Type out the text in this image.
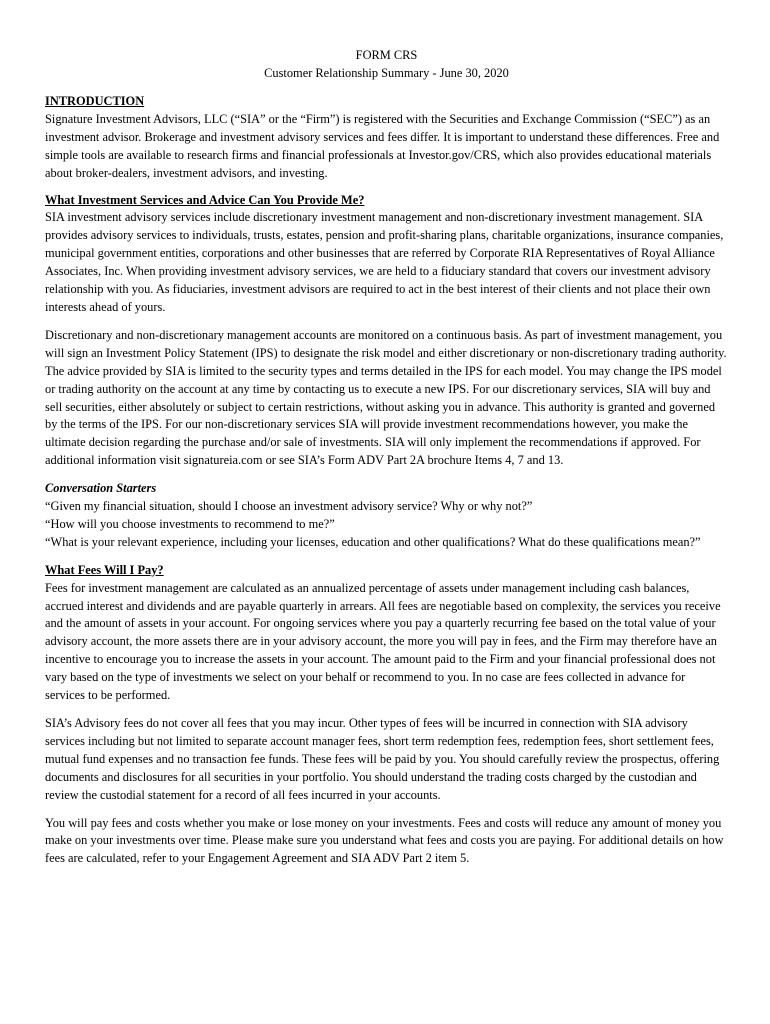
FORM CRS
Customer Relationship Summary - June 30, 2020
INTRODUCTION

Signature Investment Advisors, LLC (“SIA” or the “Firm”) is registered with the Securities and Exchange Commission (“SEC”) as an investment advisor. Brokerage and investment advisory services and fees differ. It is important to understand these differences. Free and simple tools are available to research firms and financial professionals at Investor.gov/CRS, which also provides educational materials about broker-dealers, investment advisors, and investing.

What Investment Services and Advice Can You Provide Me?

SIA investment advisory services include discretionary investment management and non-discretionary investment management. SIA provides advisory services to individuals, trusts, estates, pension and profit-sharing plans, charitable organizations, insurance companies, municipal government entities, corporations and other businesses that are referred by Corporate RIA Representatives of Royal Alliance Associates, Inc. When providing investment advisory services, we are held to a fiduciary standard that covers our investment advisory relationship with you. As fiduciaries, investment advisors are required to act in the best interest of their clients and not place their own interests ahead of yours.

Discretionary and non-discretionary management accounts are monitored on a continuous basis. As part of investment management, you will sign an Investment Policy Statement (IPS) to designate the risk model and either discretionary or non-discretionary trading authority. The advice provided by SIA is limited to the security types and terms detailed in the IPS for each model. You may change the IPS model or trading authority on the account at any time by contacting us to execute a new IPS. For our discretionary services, SIA will buy and sell securities, either absolutely or subject to certain restrictions, without asking you in advance. This authority is granted and governed by the terms of the IPS. For our non-discretionary services SIA will provide investment recommendations however, you make the ultimate decision regarding the purchase and/or sale of investments. SIA will only implement the recommendations if approved. For additional information visit signatureia.com or see SIA’s Form ADV Part 2A brochure Items 4, 7 and 13.

Conversation Starters

“Given my financial situation, should I choose an investment advisory service? Why or why not?”

“How will you choose investments to recommend to me?”

“What is your relevant experience, including your licenses, education and other qualifications? What do these qualifications mean?”

What Fees Will I Pay?

Fees for investment management are calculated as an annualized percentage of assets under management including cash balances, accrued interest and dividends and are payable quarterly in arrears. All fees are negotiable based on complexity, the services you receive and the amount of assets in your account. For ongoing services where you pay a quarterly recurring fee based on the total value of your advisory account, the more assets there are in your advisory account, the more you will pay in fees, and the Firm may therefore have an incentive to encourage you to increase the assets in your account. The amount paid to the Firm and your financial professional does not vary based on the type of investments we select on your behalf or recommend to you. In no case are fees collected in advance for services to be performed.

SIA’s Advisory fees do not cover all fees that you may incur. Other types of fees will be incurred in connection with SIA advisory services including but not limited to separate account manager fees, short term redemption fees, redemption fees, short settlement fees, mutual fund expenses and no transaction fee funds. These fees will be paid by you. You should carefully review the prospectus, offering documents and disclosures for all securities in your portfolio. You should understand the trading costs charged by the custodian and review the custodial statement for a record of all fees incurred in your accounts.

You will pay fees and costs whether you make or lose money on your investments. Fees and costs will reduce any amount of money you make on your investments over time. Please make sure you understand what fees and costs you are paying. For additional details on how fees are calculated, refer to your Engagement Agreement and SIA ADV Part 2 item 5.
